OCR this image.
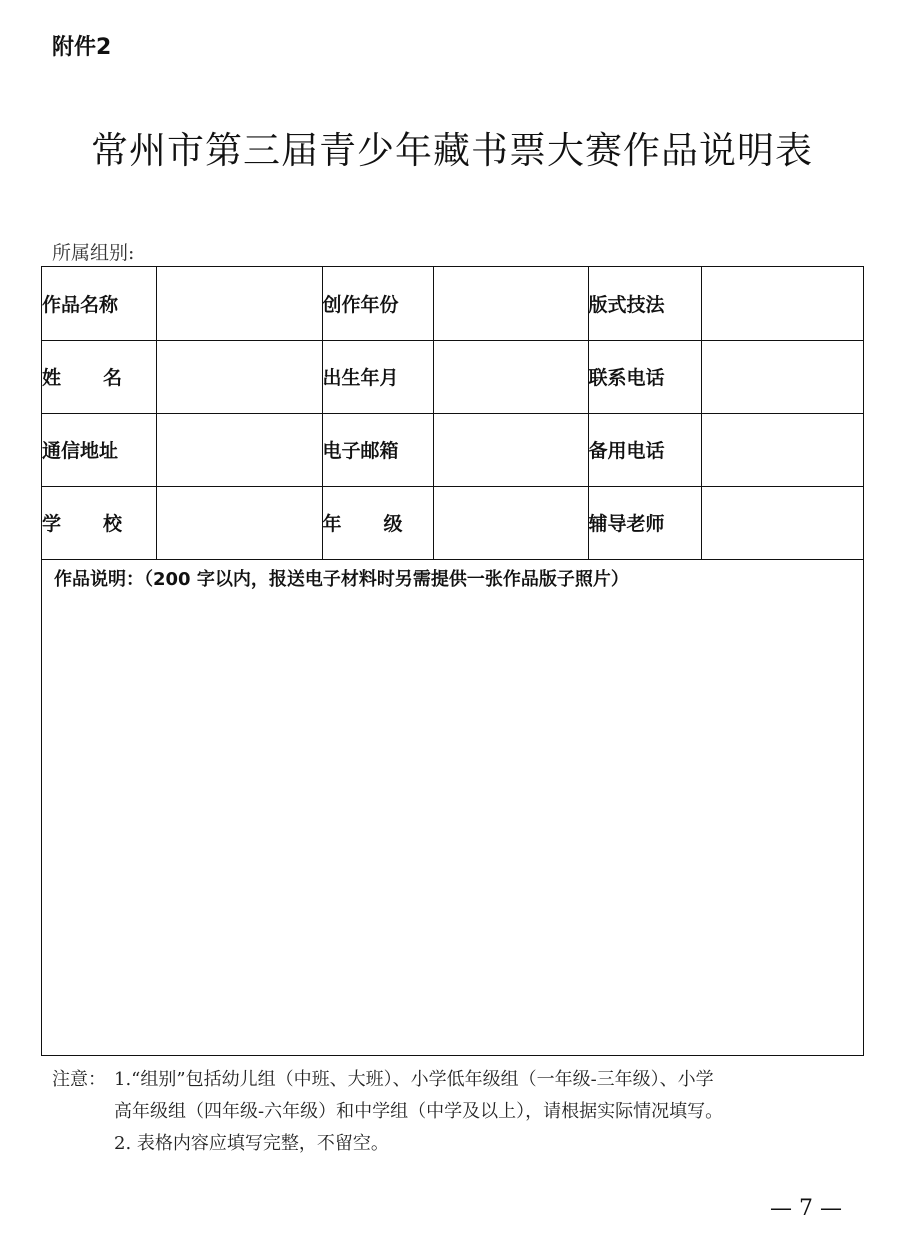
附件2
常州市第三届青少年藏书票大赛作品说明表
所属组别:
作品名称		创作年份		版式技法	

姓名		出生年月		联系电话	
通信地址		电子邮箱		备用电话	

学校		年级		辅导老师	
作品说明：（200 字以内，报送电子材料时另需提供一张作品版子照片）
注意： 1.“组别”包括幼儿组（中班、大班）、小学低年级组（一年级-三年级）、小学
高年级组（四年级-六年级）和中学组（中学及以上），请根据实际情况填写。
2. 表格内容应填写完整，不留空。
— 7 —
